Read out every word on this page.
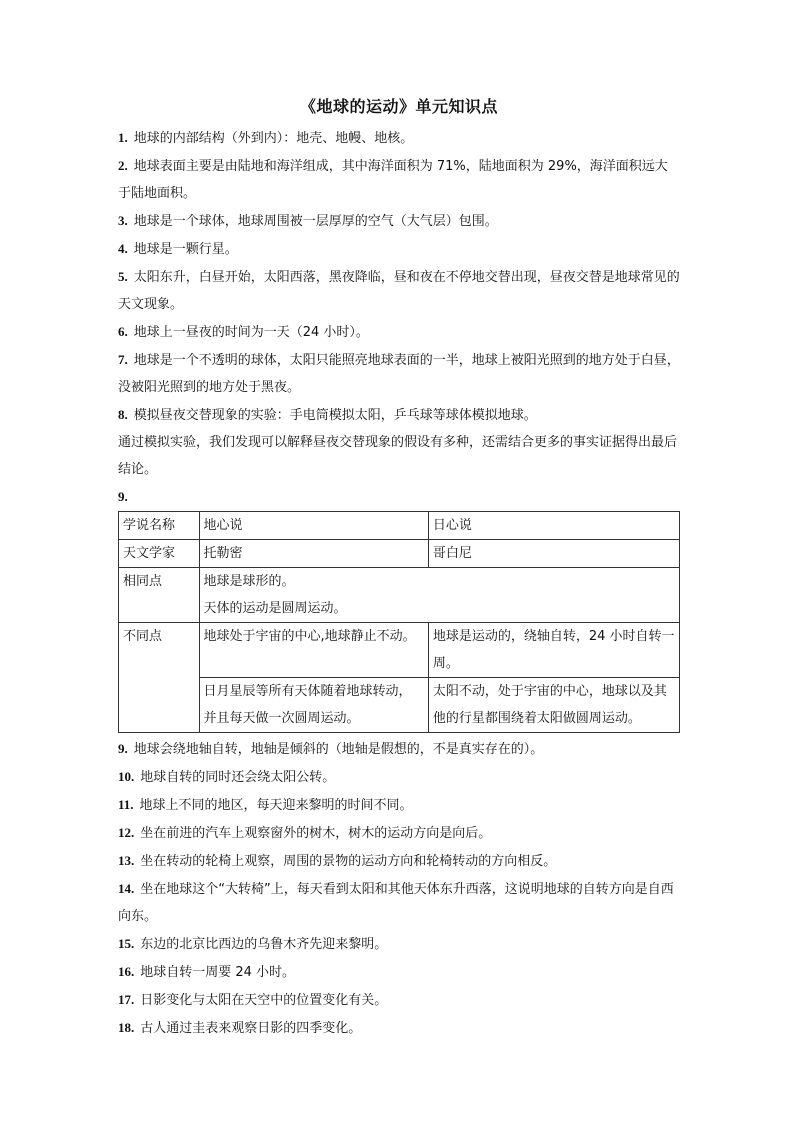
《地球的运动》单元知识点

1. 地球的内部结构（外到内）：地壳、地幔、地核。

2. 地球表面主要是由陆地和海洋组成，其中海洋面积为 71%，陆地面积为 29%，海洋面积远大于陆地面积。

3. 地球是一个球体，地球周围被一层厚厚的空气（大气层）包围。

4. 地球是一颗行星。

5. 太阳东升，白昼开始，太阳西落，黑夜降临，昼和夜在不停地交替出现，昼夜交替是地球常见的天文现象。

6. 地球上一昼夜的时间为一天（24 小时）。

7. 地球是一个不透明的球体，太阳只能照亮地球表面的一半，地球上被阳光照到的地方处于白昼，没被阳光照到的地方处于黑夜。

8. 模拟昼夜交替现象的实验：手电筒模拟太阳，乒乓球等球体模拟地球。

通过模拟实验，我们发现可以解释昼夜交替现象的假设有多种，还需结合更多的事实证据得出最后结论。

9.

学说名称	地心说	日心说
天文学家	托勒密	哥白尼
相同点	地球是球形的。
天体的运动是圆周运动。	

不同点	地球处于宇宙的中心,地球静止不动。	地球是运动的，绕轴自转，24 小时自转一周。
	日月星辰等所有天体随着地球转动，并且每天做一次圆周运动。	太阳不动，处于宇宙的中心，地球以及其他的行星都围绕着太阳做圆周运动。

9. 地球会绕地轴自转，地轴是倾斜的（地轴是假想的，不是真实存在的）。

10. 地球自转的同时还会绕太阳公转。

11. 地球上不同的地区，每天迎来黎明的时间不同。

12. 坐在前进的汽车上观察窗外的树木，树木的运动方向是向后。

13. 坐在转动的轮椅上观察，周围的景物的运动方向和轮椅转动的方向相反。

14. 坐在地球这个“大转椅”上，每天看到太阳和其他天体东升西落，这说明地球的自转方向是自西向东。

15. 东边的北京比西边的乌鲁木齐先迎来黎明。

16. 地球自转一周要 24 小时。

17. 日影变化与太阳在天空中的位置变化有关。

18. 古人通过圭表来观察日影的四季变化。
